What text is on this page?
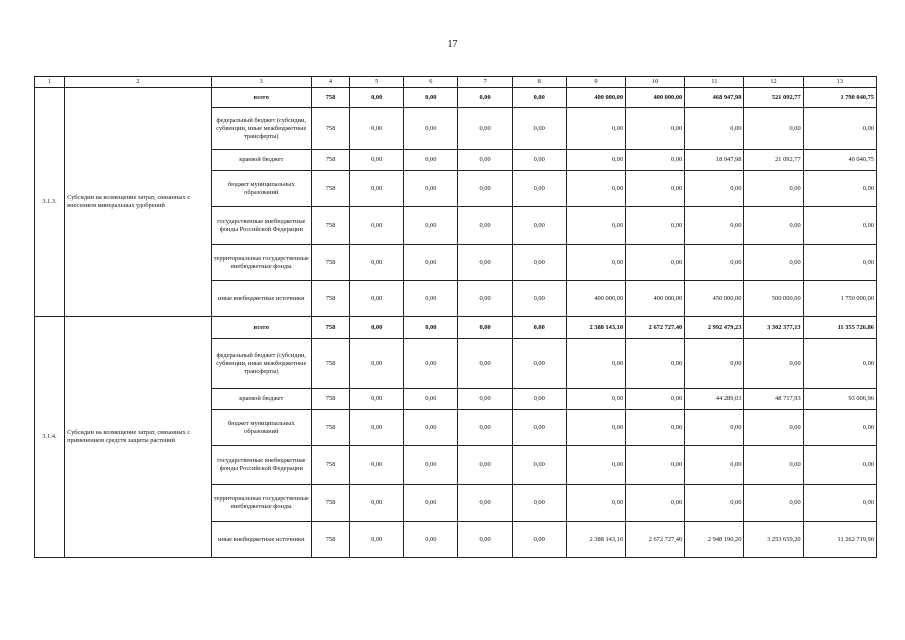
17
1	2	3	4	5	6	7	8	9	10	11	12	13
3.1.3.	Субсидии на возмещение затрат, связанных с внесением минеральных удобрений	всего	758	0,00	0,00	0,00	0,00	400 000,00	400 000,00	468 947,98	521 092,77	1 790 040,75
		федеральный бюджет (субсидии, субвенции, иные межбюджетные трансферты)	758	0,00	0,00	0,00	0,00	0,00	0,00	0,00	0,00	0,00
		краевой бюджет	758	0,00	0,00	0,00	0,00	0,00	0,00	18 947,98	21 092,77	40 040,75
		бюджет муниципальных образований	758	0,00	0,00	0,00	0,00	0,00	0,00	0,00	0,00	0,00
		государственные внебюджетные фонды Российской Федерации	758	0,00	0,00	0,00	0,00	0,00	0,00	0,00	0,00	0,00
		территориальные государственные внебюджетные фонды	758	0,00	0,00	0,00	0,00	0,00	0,00	0,00	0,00	0,00
		иные внебюджетные источники	758	0,00	0,00	0,00	0,00	400 000,00	400 000,00	450 000,00	500 000,00	1 750 000,00
3.1.4.	Субсидии на возмещение затрат, связанных с применением средств защиты растений	всего	758	0,00	0,00	0,00	0,00	2 388 143,10	2 672 727,40	2 992 479,23	3 302 377,13	11 355 726,86
		федеральный бюджет (субсидии, субвенции, иные межбюджетные трансферты)	758	0,00	0,00	0,00	0,00	0,00	0,00	0,00	0,00	0,00
		краевой бюджет	758	0,00	0,00	0,00	0,00	0,00	0,00	44 289,03	48 717,93	93 006,96
		бюджет муниципальных образований	758	0,00	0,00	0,00	0,00	0,00	0,00	0,00	0,00	0,00
		государственные внебюджетные фонды Российской Федерации	758	0,00	0,00	0,00	0,00	0,00	0,00	0,00	0,00	0,00
		территориальные государственные внебюджетные фонды	758	0,00	0,00	0,00	0,00	0,00	0,00	0,00	0,00	0,00
		иные внебюджетные источники	758	0,00	0,00	0,00	0,00	2 388 143,10	2 672 727,40	2 948 190,20	3 253 659,20	11 262 719,90
